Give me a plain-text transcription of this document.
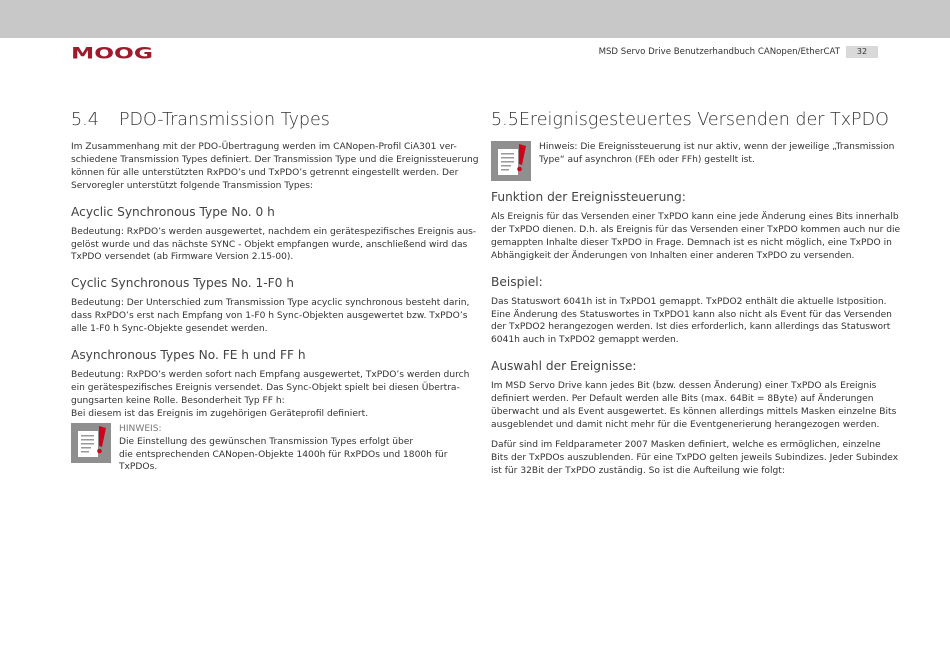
MOOG	MSD Servo Drive Benutzerhandbuch CANopen/EtherCAT	32
5.4	PDO-Transmission Types

Im Zusammenhang mit der PDO-Übertragung werden im CANopen-Profil CiA301 ver-
schiedene Transmission Types definiert. Der Transmission Type und die Ereignissteuerung
können für alle unterstützten RxPDO’s und TxPDO’s getrennt eingestellt werden. Der
Servoregler unterstützt folgende Transmission Types:

Acyclic Synchronous Type No. 0 h

Bedeutung: RxPDO’s werden ausgewertet, nachdem ein gerätespezifisches Ereignis aus-
gelöst wurde und das nächste SYNC - Objekt empfangen wurde, anschließend wird das
TxPDO versendet (ab Firmware Version 2.15-00).

Cyclic Synchronous Types No. 1-F0 h

Bedeutung: Der Unterschied zum Transmission Type acyclic synchronous besteht darin,
dass RxPDO’s erst nach Empfang von 1-F0 h Sync-Objekten ausgewertet bzw. TxPDO’s
alle 1-F0 h Sync-Objekte gesendet werden.

Asynchronous Types No. FE h und FF h

Bedeutung: RxPDO’s werden sofort nach Empfang ausgewertet, TxPDO’s werden durch
ein gerätespezifisches Ereignis versendet. Das Sync-Objekt spielt bei diesen Übertra-
gungsarten keine Rolle. Besonderheit Typ FF h:
Bei diesem ist das Ereignis im zugehörigen Geräteprofil definiert.

HINWEIS: Die Einstellung des gewünschen Transmission Types erfolgt über
die entsprechenden CANopen-Objekte 1400h für RxPDOs und 1800h für
TxPDOs.

5.5 Ereignisgesteuertes Versenden der TxPDO

Hinweis: Die Ereignissteuerung ist nur aktiv, wenn der jeweilige „Transmission
Type“ auf asynchron (FEh oder FFh) gestellt ist.

Funktion der Ereignissteuerung:

Als Ereignis für das Versenden einer TxPDO kann eine jede Änderung eines Bits innerhalb
der TxPDO dienen. D.h. als Ereignis für das Versenden einer TxPDO kommen auch nur die
gemappten Inhalte dieser TxPDO in Frage. Demnach ist es nicht möglich, eine TxPDO in
Abhängigkeit der Änderungen von Inhalten einer anderen TxPDO zu versenden.

Beispiel:

Das Statuswort 6041h ist in TxPDO1 gemappt. TxPDO2 enthält die aktuelle Istposition.
Eine Änderung des Statuswortes in TxPDO1 kann also nicht als Event für das Versenden
der TxPDO2 herangezogen werden. Ist dies erforderlich, kann allerdings das Statuswort
6041h auch in TxPDO2 gemappt werden.

Auswahl der Ereignisse:

Im MSD Servo Drive kann jedes Bit (bzw. dessen Änderung) einer TxPDO als Ereignis
definiert werden. Per Default werden alle Bits (max. 64Bit = 8Byte) auf Änderungen
überwacht und als Event ausgewertet. Es können allerdings mittels Masken einzelne Bits
ausgeblendet und damit nicht mehr für die Eventgenerierung herangezogen werden.

Dafür sind im Feldparameter 2007 Masken definiert, welche es ermöglichen, einzelne
Bits der TxPDOs auszublenden. Für eine TxPDO gelten jeweils Subindizes. Jeder Subindex
ist für 32Bit der TxPDO zuständig. So ist die Aufteilung wie folgt:
